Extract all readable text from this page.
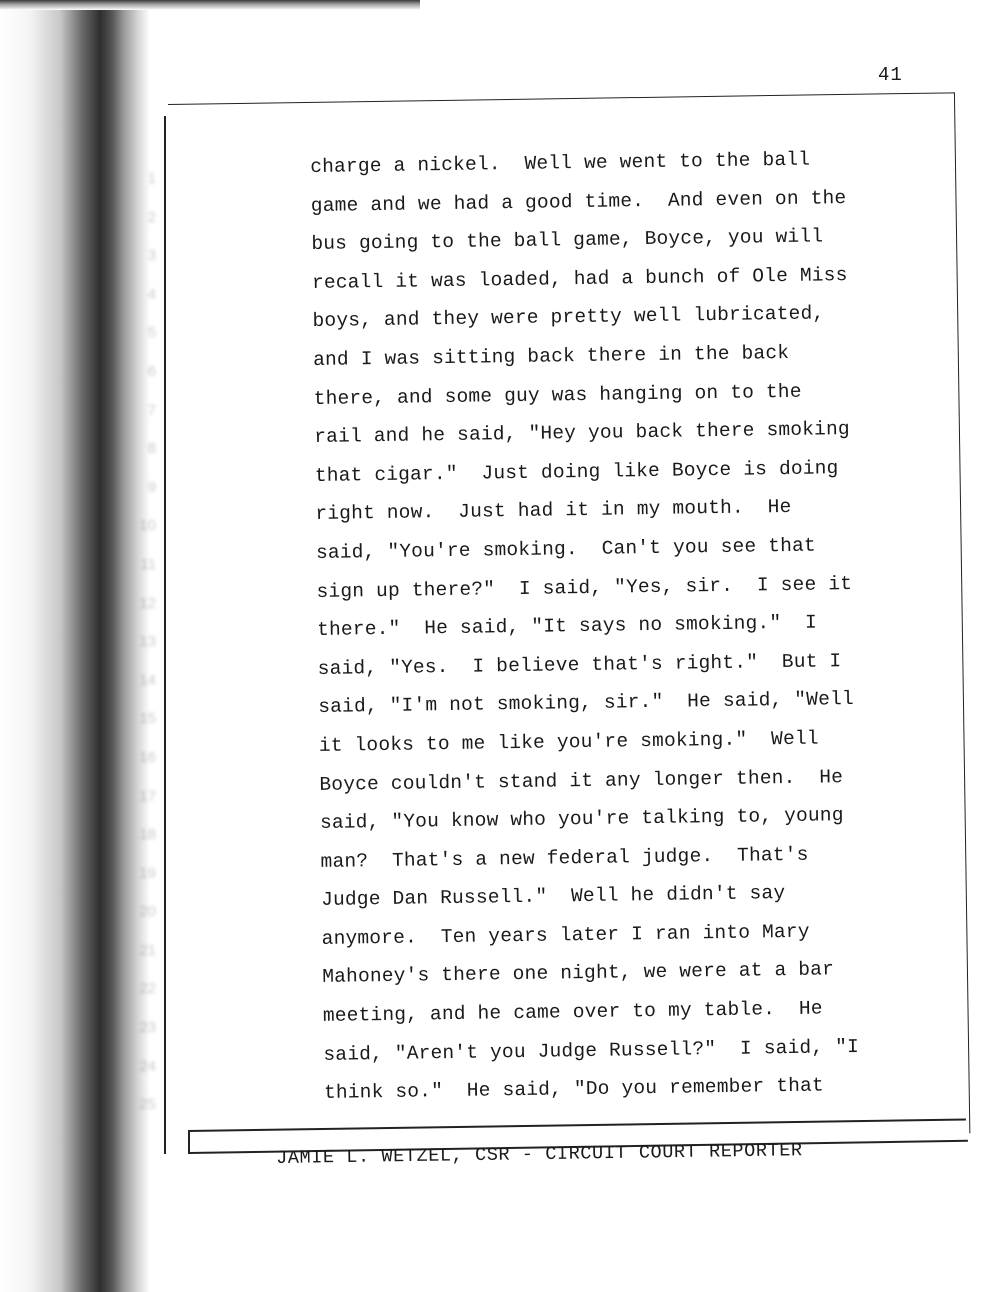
1
2
3
4
5
6
7
8
9
10
11
12
13
14
15
16
17
18
19
20
21
22
23
24
25
41
charge a nickel.  Well we went to the ball
game and we had a good time.  And even on the
bus going to the ball game, Boyce, you will
recall it was loaded, had a bunch of Ole Miss
boys, and they were pretty well lubricated,
and I was sitting back there in the back
there, and some guy was hanging on to the
rail and he said, "Hey you back there smoking
that cigar."  Just doing like Boyce is doing
right now.  Just had it in my mouth.  He
said, "You're smoking.  Can't you see that
sign up there?"  I said, "Yes, sir.  I see it
there."  He said, "It says no smoking."  I
said, "Yes.  I believe that's right."  But I
said, "I'm not smoking, sir."  He said, "Well
it looks to me like you're smoking."  Well
Boyce couldn't stand it any longer then.  He
said, "You know who you're talking to, young
man?  That's a new federal judge.  That's
Judge Dan Russell."  Well he didn't say
anymore.  Ten years later I ran into Mary
Mahoney's there one night, we were at a bar
meeting, and he came over to my table.  He
said, "Aren't you Judge Russell?"  I said, "I
think so."  He said, "Do you remember that
JAMIE L. WETZEL, CSR - CIRCUIT COURT REPORTER
